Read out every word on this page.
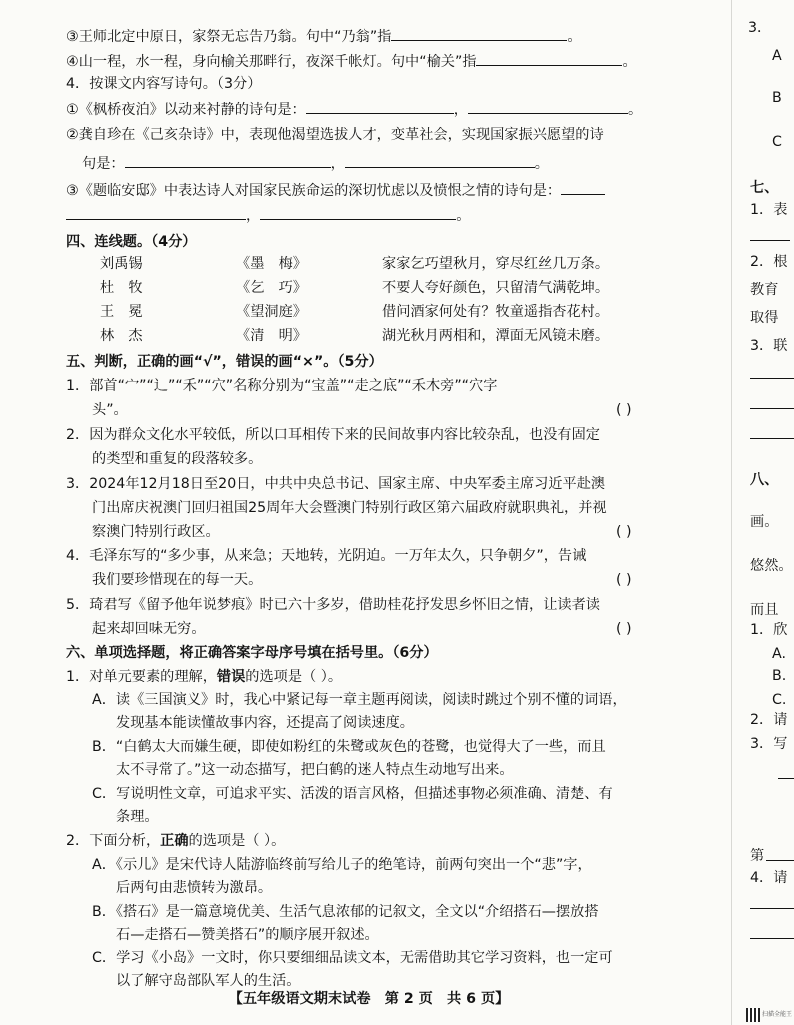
③王师北定中原日，家祭无忘告乃翁。句中“乃翁”指	。
④山一程，水一程，身向榆关那畔行，夜深千帐灯。句中“榆关”指	。
4．按课文内容写诗句。（3分）
①《枫桥夜泊》以动来衬静的诗句是：	，	。
②龚自珍在《己亥杂诗》中，表现他渴望选拔人才，变革社会，实现国家振兴愿望的诗
句是：	，	。
③《题临安邸》中表达诗人对国家民族命运的深切忧虑以及愤恨之情的诗句是：
，	。
四、连线题。（4分）
刘禹锡	《墨　梅》	家家乞巧望秋月，穿尽红丝几万条。
杜　牧	《乞　巧》	不要人夸好颜色，只留清气满乾坤。
王　冕	《望洞庭》	借问酒家何处有？牧童遥指杏花村。
林　杰	《清　明》	湖光秋月两相和，潭面无风镜未磨。
五、判断，正确的画“√”，错误的画“×”。（5分）
1．部首“宀”“辶”“禾”“穴”名称分别为“宝盖”“走之底”“禾木旁”“穴字
头”。	( )
2．因为群众文化水平较低，所以口耳相传下来的民间故事内容比较杂乱，也没有固定
的类型和重复的段落较多。
3．2024年12月18日至20日，中共中央总书记、国家主席、中央军委主席习近平赴澳
门出席庆祝澳门回归祖国25周年大会暨澳门特别行政区第六届政府就职典礼，并视
察澳门特别行政区。	( )
4．毛泽东写的“多少事，从来急；天地转，光阴迫。一万年太久，只争朝夕”，告诫
我们要珍惜现在的每一天。	( )
5．琦君写《留予他年说梦痕》时已六十多岁，借助桂花抒发思乡怀旧之情，让读者读
起来却回味无穷。	( )
六、单项选择题，将正确答案字母序号填在括号里。（6分）
1．对单元要素的理解，错误的选项是（ ）。
A．读《三国演义》时，我心中紧记每一章主题再阅读，阅读时跳过个别不懂的词语，
发现基本能读懂故事内容，还提高了阅读速度。
B．“白鹤太大而嫌生硬，即使如粉红的朱鹭或灰色的苍鹭，也觉得大了一些，而且
太不寻常了。”这一动态描写，把白鹤的迷人特点生动地写出来。
C．写说明性文章，可追求平实、活泼的语言风格，但描述事物必须准确、清楚、有
条理。
2．下面分析，正确的选项是（ ）。
A．《示儿》是宋代诗人陆游临终前写给儿子的绝笔诗，前两句突出一个“悲”字，
后两句由悲愤转为激昂。
B．《搭石》是一篇意境优美、生活气息浓郁的记叙文，全文以“介绍搭石—摆放搭
石—走搭石—赞美搭石”的顺序展开叙述。
C．学习《小岛》一文时，你只要细细品读文本，无需借助其它学习资料，也一定可
以了解守岛部队军人的生活。
【五年级语文期末试卷　第 2 页　共 6 页】
3．
A
B
C
七、
1．表
2．根
教育
取得
3．联
八、
画。
悠然。
而且
1．欣
A.
B.
C.
2．请
3．写
第
4．请
扫描全能王
